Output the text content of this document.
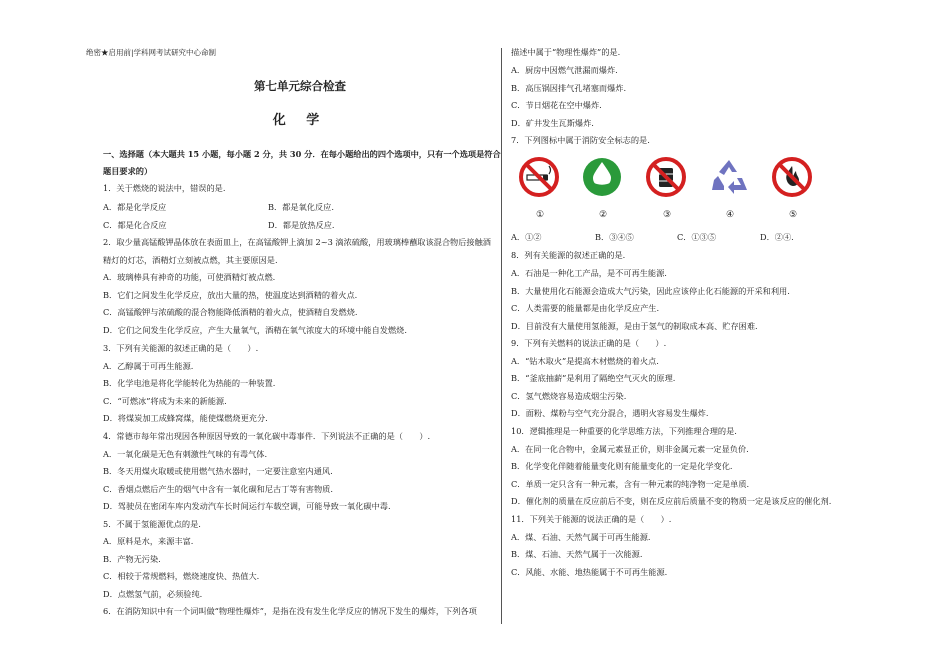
绝密★启用前|学科网考试研究中心命制
第七单元综合检查
化 学
一、选择题（本大题共 15 小题，每小题 2 分，共 30 分．在每小题给出的四个选项中，只有一个选项是符合
题目要求的）
1．关于燃烧的说法中，错误的是.
A．都是化学反应	B．都是氧化反应.
C．都是化合反应	D．都是放热反应.
2．取少量高锰酸钾晶体放在表面皿上，在高锰酸钾上滴加 2~3 滴浓硫酸，用玻璃棒蘸取该混合物后接触酒
精灯的灯芯，酒精灯立刻被点燃，其主要原因是.
A．玻璃棒具有神奇的功能，可使酒精灯被点燃.
B．它们之间发生化学反应，放出大量的热，使温度达到酒精的着火点.
C．高锰酸钾与浓硫酸的混合物能降低酒精的着火点，使酒精自发燃烧.
D．它们之间发生化学反应，产生大量氧气，酒精在氧气浓度大的环境中能自发燃烧.
3．下列有关能源的叙述正确的是（　　）.
A．乙醇属于可再生能源.
B．化学电池是将化学能转化为热能的一种装置.
C．“可燃冰”将成为未来的新能源.
D．将煤炭加工成蜂窝煤，能使煤燃烧更充分.
4．常德市每年常出现因各种原因导致的一氧化碳中毒事件．下列说法不正确的是（　　）.
A．一氧化碳是无色有刺激性气味的有毒气体.
B．冬天用煤火取暖或使用燃气热水器时，一定要注意室内通风.
C．香烟点燃后产生的烟气中含有一氧化碳和尼古丁等有害物质.
D．驾驶员在密闭车库内发动汽车长时间运行车载空调，可能导致一氧化碳中毒.
5．不属于氢能源优点的是.
A．原料是水，来源丰富.
B．产物无污染.
C．相较于常规燃料，燃烧速度快、热值大.
D．点燃氢气前，必须验纯.
6．在消防知识中有一个词叫做“物理性爆炸”，是指在没有发生化学反应的情况下发生的爆炸，下列各项
描述中属于“物理性爆炸”的是.
A．厨房中因燃气泄漏而爆炸.
B．高压锅因排气孔堵塞而爆炸.
C．节日烟花在空中爆炸.
D．矿井发生瓦斯爆炸.
7．下列图标中属于消防安全标志的是.
①	②	③	④	⑤
A．①②	B．③④⑤	C．①③⑤	D．②④.
8．列有关能源的叙述正确的是.
A．石油是一种化工产品，是不可再生能源.
B．大量使用化石能源会造成大气污染，因此应该停止化石能源的开采和利用.
C．人类需要的能量都是由化学反应产生.
D．目前没有大量使用氢能源，是由于氢气的制取成本高、贮存困难.
9．下列有关燃料的说法正确的是（　　）.
A．“钻木取火”是提高木材燃烧的着火点.
B．“釜底抽薪”是利用了隔绝空气灭火的原理.
C．氢气燃烧容易造成烟尘污染.
D．面粉、煤粉与空气充分混合，遇明火容易发生爆炸.
10．逻辑推理是一种重要的化学思维方法，下列推理合理的是.
A．在同一化合物中，金属元素显正价，则非金属元素一定显负价.
B．化学变化伴随着能量变化则有能量变化的一定是化学变化.
C．单质一定只含有一种元素，含有一种元素的纯净物一定是单质.
D．催化剂的质量在反应前后不变，则在反应前后质量不变的物质一定是该反应的催化剂.
11．下列关于能源的说法正确的是（　　）.
A．煤、石油、天然气属于可再生能源.
B．煤、石油、天然气属于一次能源.
C．风能、水能、地热能属于不可再生能源.
